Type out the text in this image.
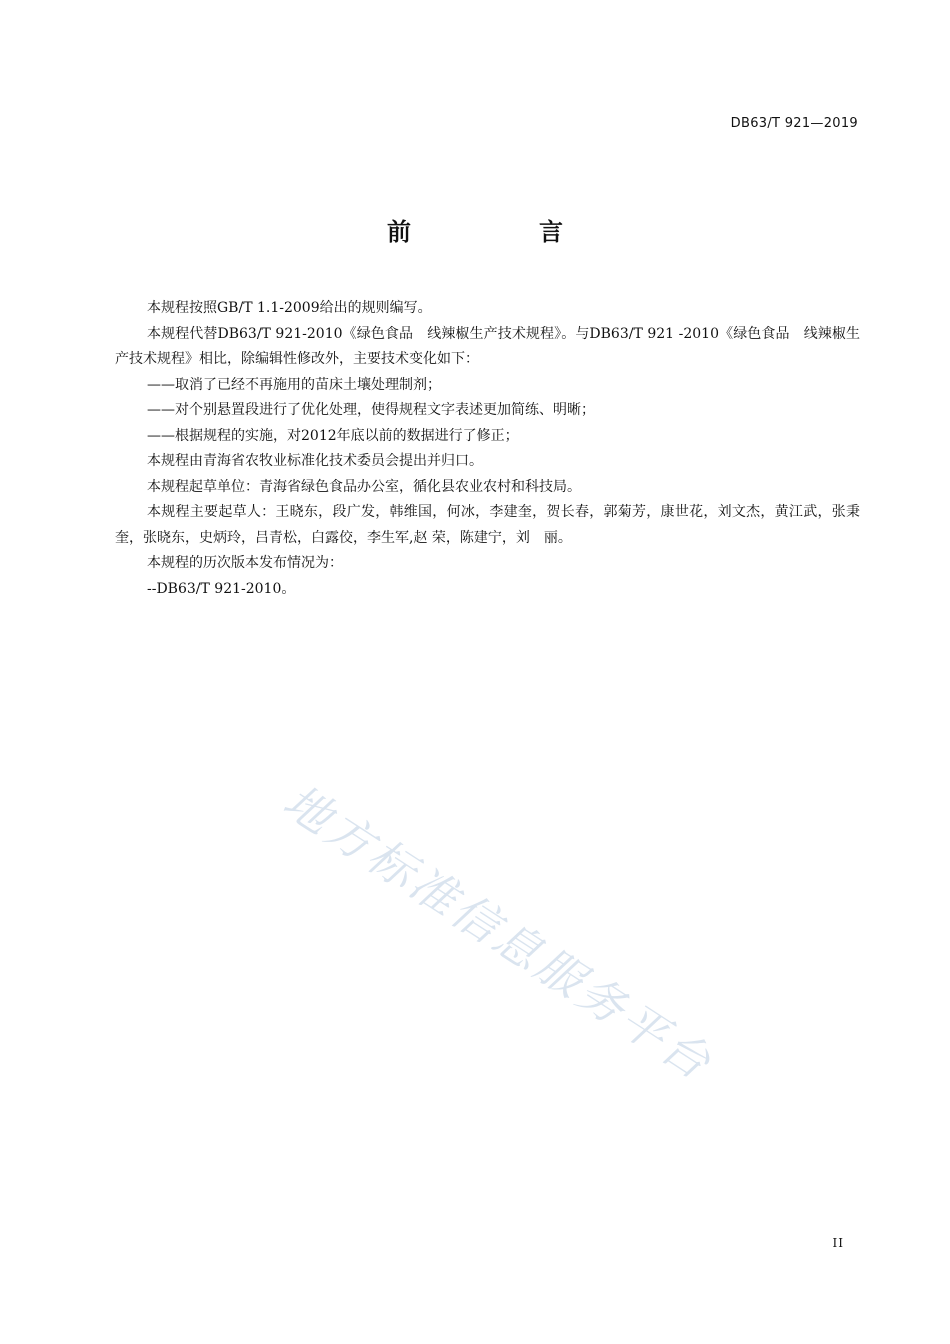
DB63/T 921—2019
前　言

本规程按照GB/T 1.1-2009给出的规则编写。

本规程代替DB63/T 921-2010《绿色食品　线辣椒生产技术规程》。与DB63/T 921 -2010《绿色食品　线辣椒生产技术规程》相比，除编辑性修改外，主要技术变化如下：

——取消了已经不再施用的苗床土壤处理制剂；

——对个别悬置段进行了优化处理，使得规程文字表述更加简练、明晰；

——根据规程的实施，对2012年底以前的数据进行了修正；

本规程由青海省农牧业标准化技术委员会提出并归口。

本规程起草单位：青海省绿色食品办公室，循化县农业农村和科技局。

本规程主要起草人：王晓东，段广发，韩维国，何冰，李建奎，贺长春，郭菊芳，康世花，刘文杰，黄江武，张秉奎，张晓东，史炳玲，吕青松，白露佼，李生军,赵 荣，陈建宁，刘　丽。

本规程的历次版本发布情况为：

--DB63/T 921-2010。

地方标准信息服务平台
II
